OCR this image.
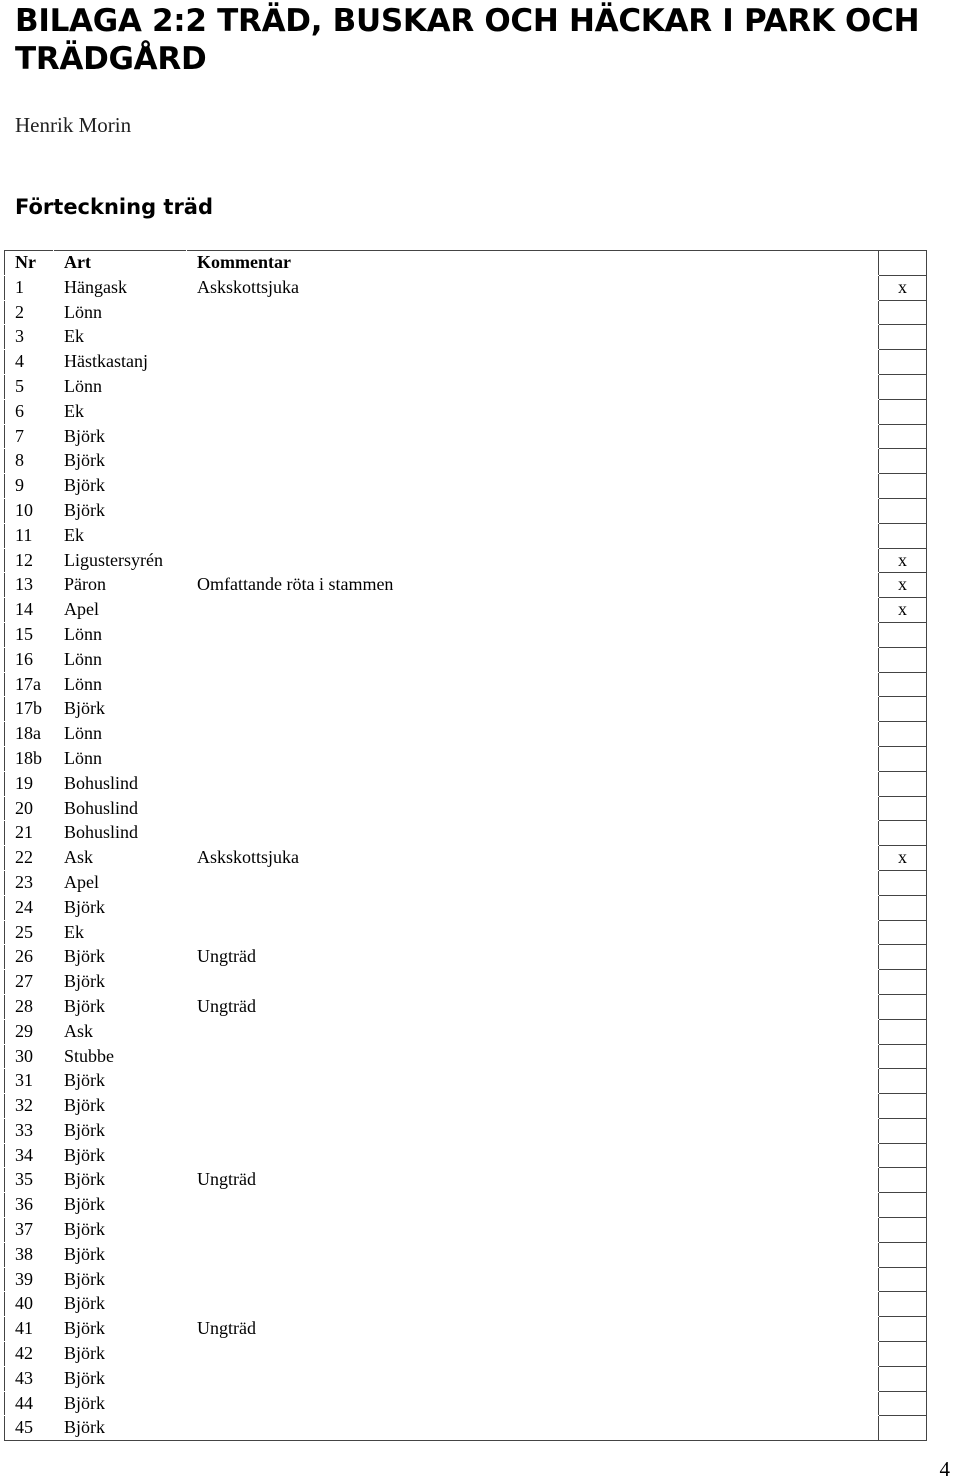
BILAGA 2:2 TRÄD, BUSKAR OCH HÄCKAR I PARK OCH TRÄDGÅRD
Henrik Morin
Förteckning träd
Nr	Art	Kommentar	
1	Hängask	Askskottsjuka	x
2	Lönn		
3	Ek		
4	Hästkastanj		
5	Lönn		
6	Ek		
7	Björk		
8	Björk		
9	Björk		
10	Björk		
11	Ek		
12	Ligustersyrén		x
13	Päron	Omfattande röta i stammen	x
14	Apel		x
15	Lönn		
16	Lönn		
17a	Lönn		
17b	Björk		
18a	Lönn		
18b	Lönn		
19	Bohuslind		
20	Bohuslind		
21	Bohuslind		
22	Ask	Askskottsjuka	x
23	Apel		
24	Björk		
25	Ek		
26	Björk	Ungträd	
27	Björk		
28	Björk	Ungträd	
29	Ask		
30	Stubbe		
31	Björk		
32	Björk		
33	Björk		
34	Björk		
35	Björk	Ungträd	
36	Björk		
37	Björk		
38	Björk		
39	Björk		
40	Björk		
41	Björk	Ungträd	
42	Björk		
43	Björk		
44	Björk		
45	Björk		
4
